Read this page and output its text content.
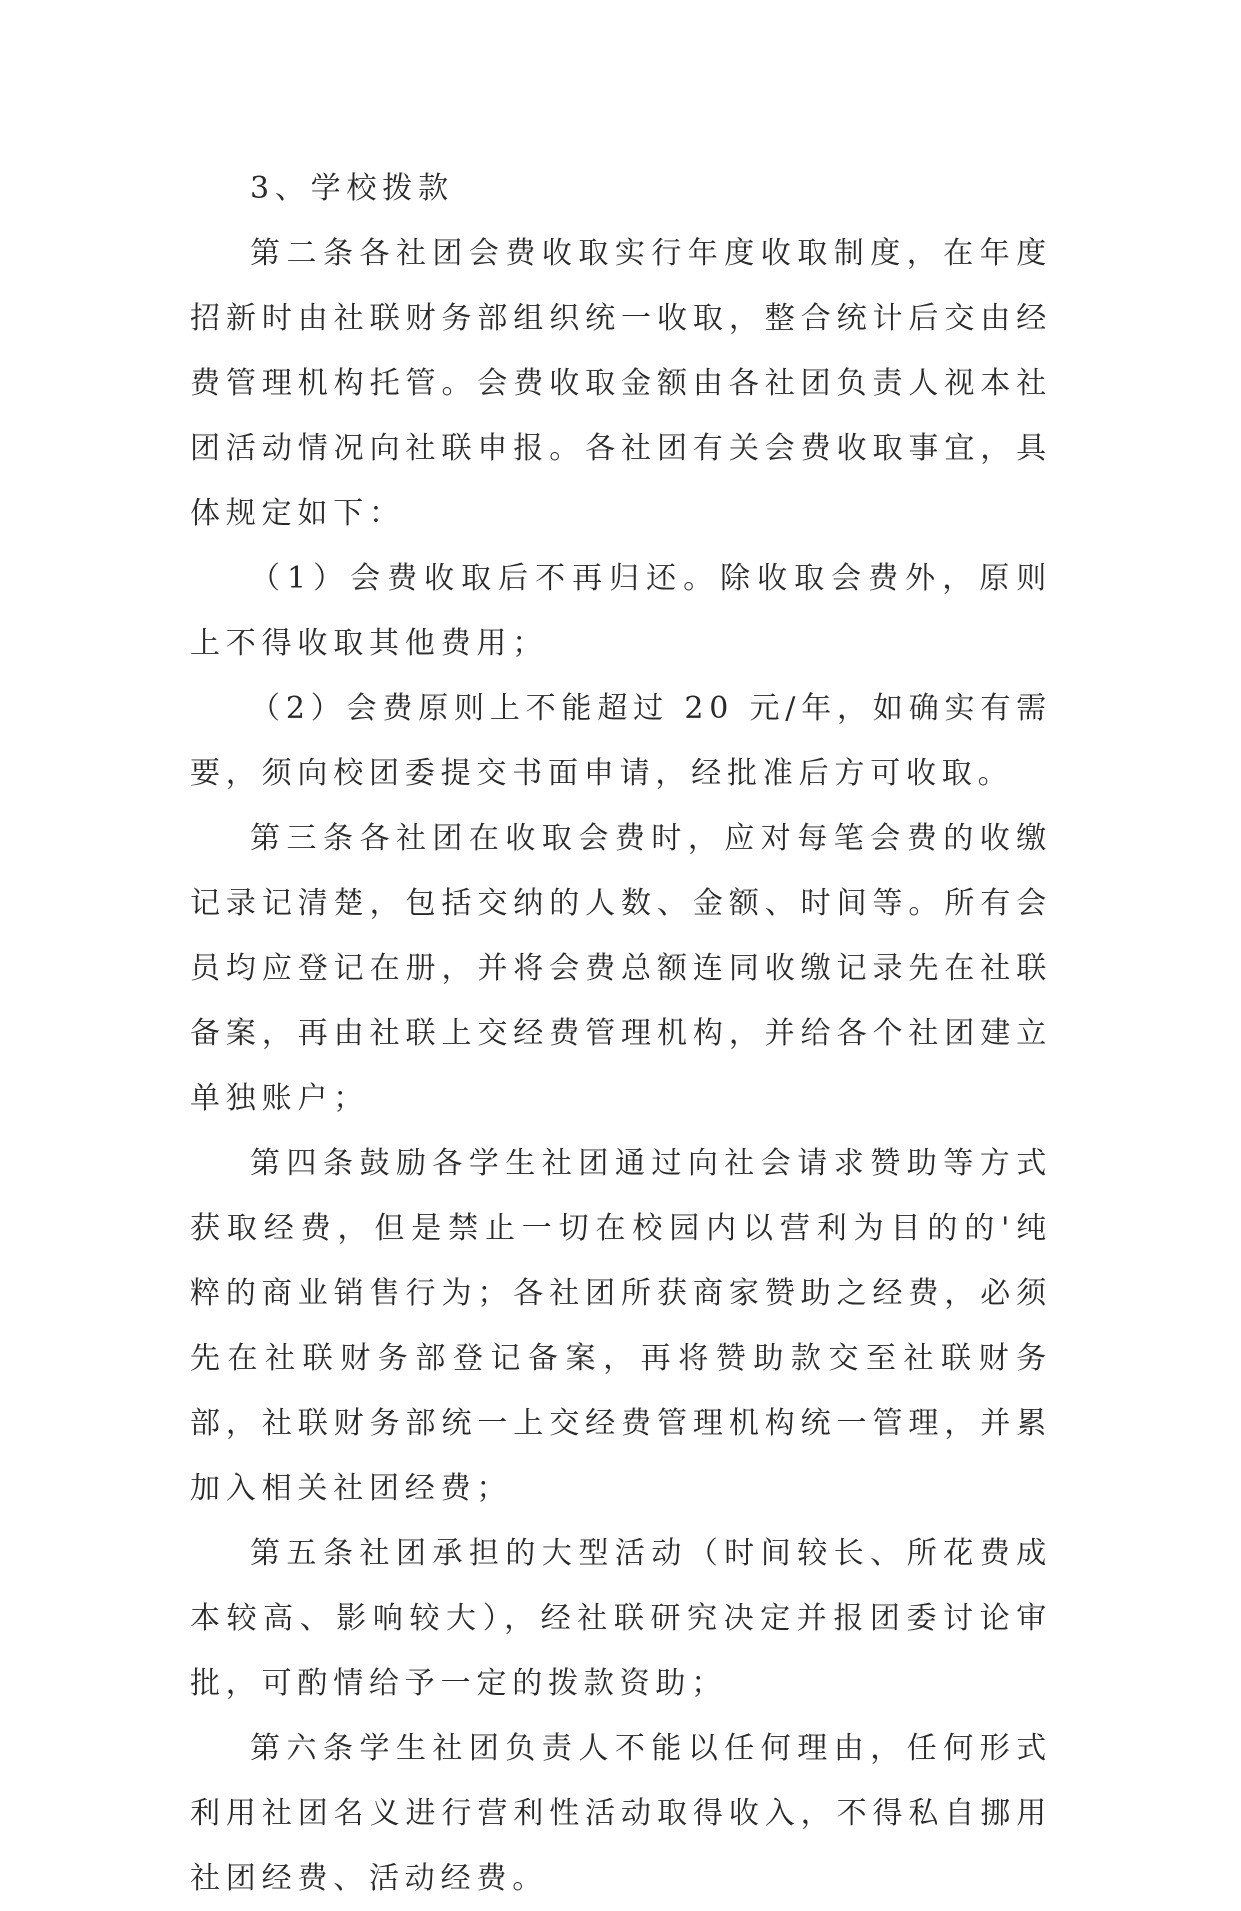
3、学校拨款

第二条各社团会费收取实行年度收取制度，在年度招新时由社联财务部组织统一收取，整合统计后交由经费管理机构托管。会费收取金额由各社团负责人视本社团活动情况向社联申报。各社团有关会费收取事宜，具体规定如下：

（1）会费收取后不再归还。除收取会费外，原则上不得收取其他费用；

（2）会费原则上不能超过 20 元/年，如确实有需要，须向校团委提交书面申请，经批准后方可收取。

第三条各社团在收取会费时，应对每笔会费的收缴记录记清楚，包括交纳的人数、金额、时间等。所有会员均应登记在册，并将会费总额连同收缴记录先在社联备案，再由社联上交经费管理机构，并给各个社团建立单独账户；

第四条鼓励各学生社团通过向社会请求赞助等方式获取经费，但是禁止一切在校园内以营利为目的的'纯粹的商业销售行为；各社团所获商家赞助之经费，必须先在社联财务部登记备案，再将赞助款交至社联财务部，社联财务部统一上交经费管理机构统一管理，并累加入相关社团经费；

第五条社团承担的大型活动（时间较长、所花费成本较高、影响较大），经社联研究决定并报团委讨论审批，可酌情给予一定的拨款资助；

第六条学生社团负责人不能以任何理由，任何形式利用社团名义进行营利性活动取得收入，不得私自挪用社团经费、活动经费。
